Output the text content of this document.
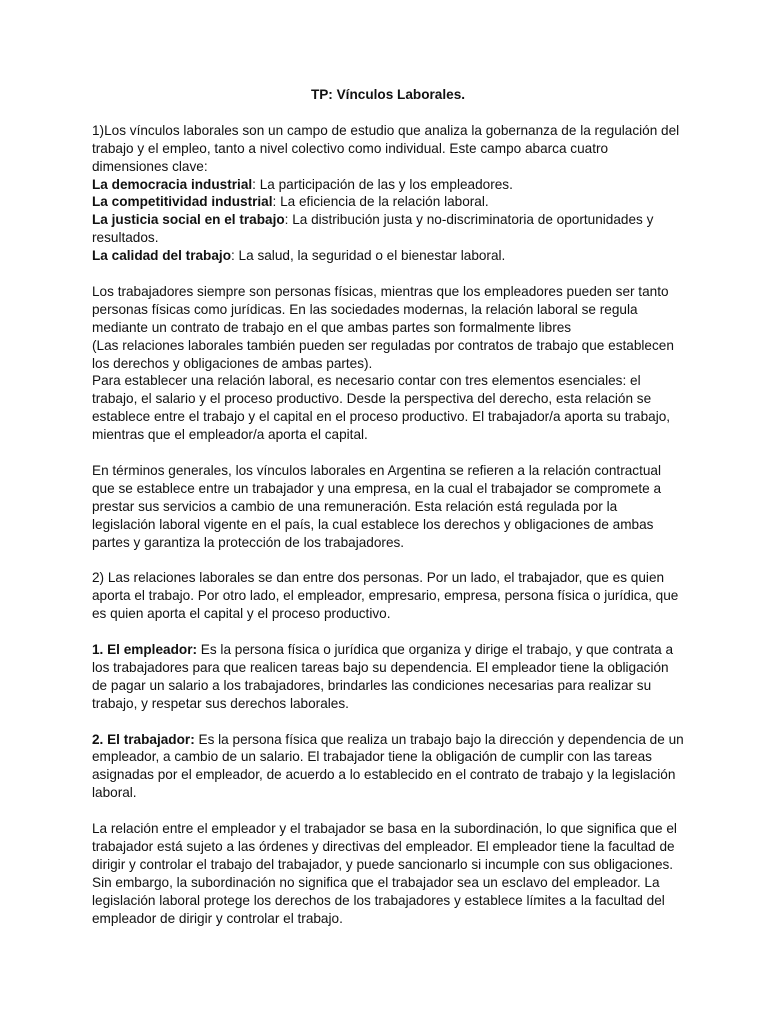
TP: Vínculos Laborales.

1)Los vínculos laborales son un campo de estudio que analiza la gobernanza de la regulación del trabajo y el empleo, tanto a nivel colectivo como individual. Este campo abarca cuatro dimensiones clave:
La democracia industrial: La participación de las y los empleadores.
La competitividad industrial: La eficiencia de la relación laboral.
La justicia social en el trabajo: La distribución justa y no-discriminatoria de oportunidades y resultados.
La calidad del trabajo: La salud, la seguridad o el bienestar laboral.

Los trabajadores siempre son personas físicas, mientras que los empleadores pueden ser tanto personas físicas como jurídicas. En las sociedades modernas, la relación laboral se regula mediante un contrato de trabajo en el que ambas partes son formalmente libres
(Las relaciones laborales también pueden ser reguladas por contratos de trabajo que establecen los derechos y obligaciones de ambas partes).
Para establecer una relación laboral, es necesario contar con tres elementos esenciales: el trabajo, el salario y el proceso productivo. Desde la perspectiva del derecho, esta relación se establece entre el trabajo y el capital en el proceso productivo. El trabajador/a aporta su trabajo, mientras que el empleador/a aporta el capital.

En términos generales, los vínculos laborales en Argentina se refieren a la relación contractual que se establece entre un trabajador y una empresa, en la cual el trabajador se compromete a prestar sus servicios a cambio de una remuneración. Esta relación está regulada por la legislación laboral vigente en el país, la cual establece los derechos y obligaciones de ambas partes y garantiza la protección de los trabajadores.

2) Las relaciones laborales se dan entre dos personas. Por un lado, el trabajador, que es quien aporta el trabajo. Por otro lado, el empleador, empresario, empresa, persona física o jurídica, que es quien aporta el capital y el proceso productivo.

1. El empleador: Es la persona física o jurídica que organiza y dirige el trabajo, y que contrata a los trabajadores para que realicen tareas bajo su dependencia. El empleador tiene la obligación de pagar un salario a los trabajadores, brindarles las condiciones necesarias para realizar su trabajo, y respetar sus derechos laborales.

2. El trabajador: Es la persona física que realiza un trabajo bajo la dirección y dependencia de un empleador, a cambio de un salario. El trabajador tiene la obligación de cumplir con las tareas asignadas por el empleador, de acuerdo a lo establecido en el contrato de trabajo y la legislación laboral.

La relación entre el empleador y el trabajador se basa en la subordinación, lo que significa que el trabajador está sujeto a las órdenes y directivas del empleador. El empleador tiene la facultad de dirigir y controlar el trabajo del trabajador, y puede sancionarlo si incumple con sus obligaciones.
Sin embargo, la subordinación no significa que el trabajador sea un esclavo del empleador. La legislación laboral protege los derechos de los trabajadores y establece límites a la facultad del empleador de dirigir y controlar el trabajo.
